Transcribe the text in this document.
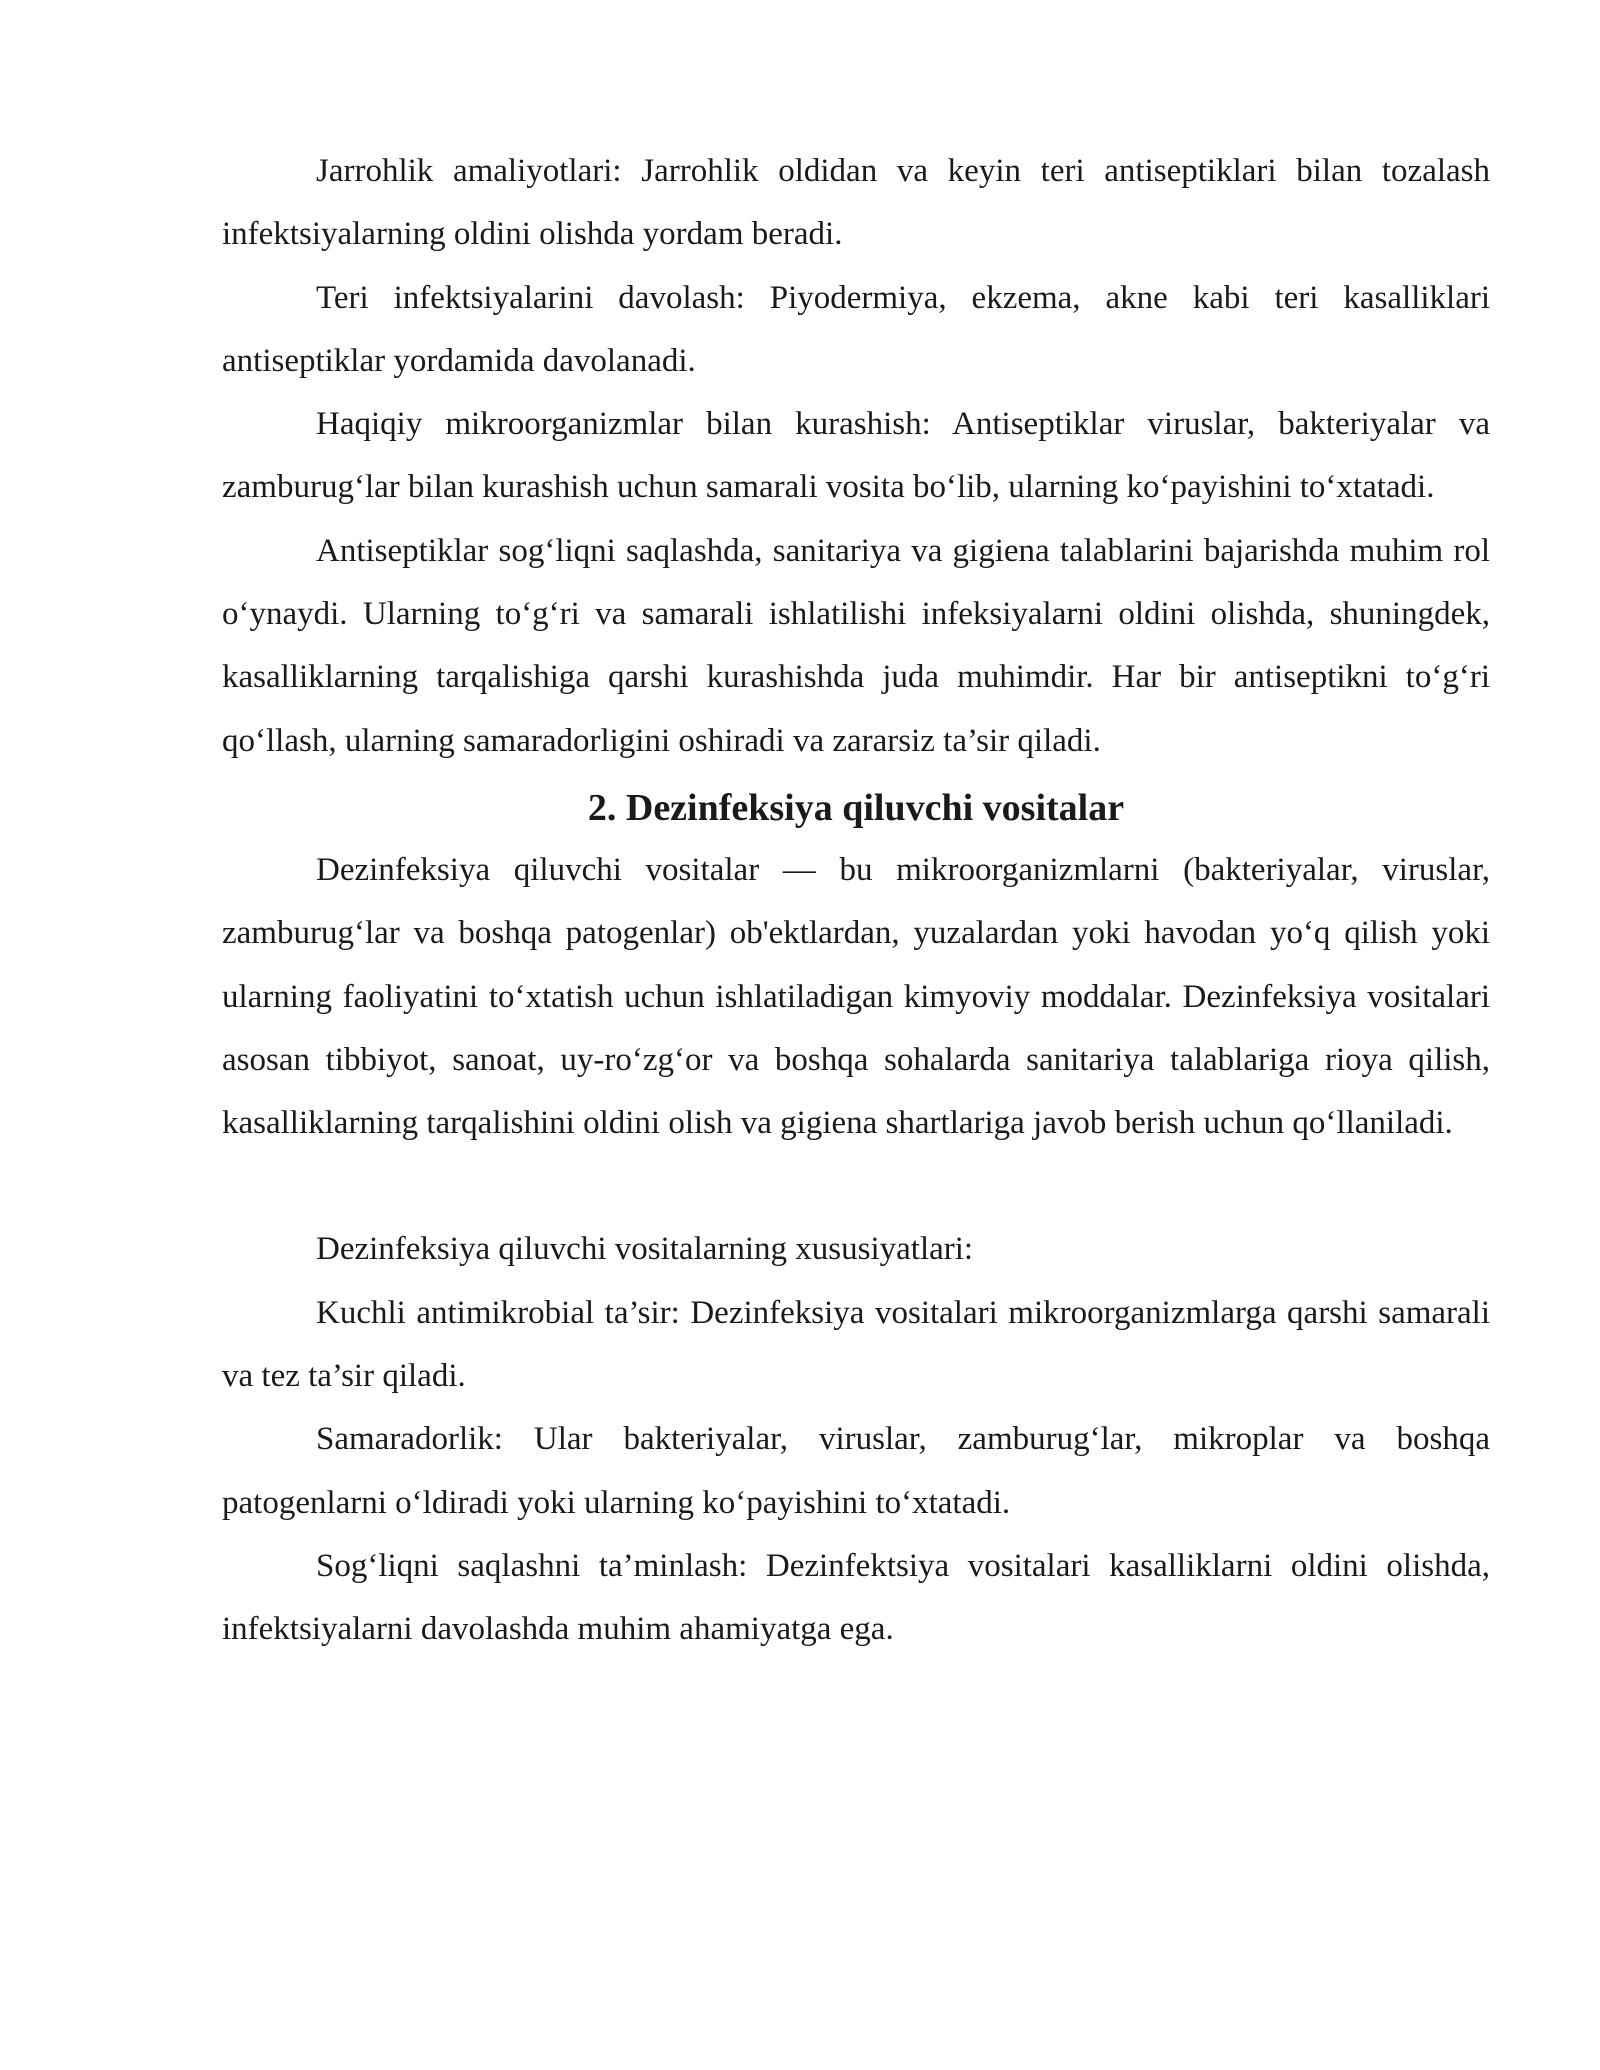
Jarrohlik amaliyotlari: Jarrohlik oldidan va keyin teri antiseptiklari bilan tozalash infektsiyalarning oldini olishda yordam beradi.

Teri infektsiyalarini davolash: Piyodermiya, ekzema, akne kabi teri kasalliklari antiseptiklar yordamida davolanadi.

Haqiqiy mikroorganizmlar bilan kurashish: Antiseptiklar viruslar, bakteriyalar va zamburug‘lar bilan kurashish uchun samarali vosita bo‘lib, ularning ko‘payishini to‘xtatadi.

Antiseptiklar sog‘liqni saqlashda, sanitariya va gigiena talablarini bajarishda muhim rol o‘ynaydi. Ularning to‘g‘ri va samarali ishlatilishi infeksiyalarni oldini olishda, shuningdek, kasalliklarning tarqalishiga qarshi kurashishda juda muhimdir. Har bir antiseptikni to‘g‘ri qo‘llash, ularning samaradorligini oshiradi va zararsiz ta’sir qiladi.

2. Dezinfeksiya qiluvchi vositalar

Dezinfeksiya qiluvchi vositalar — bu mikroorganizmlarni (bakteriyalar, viruslar, zamburug‘lar va boshqa patogenlar) ob'ektlardan, yuzalardan yoki havodan yo‘q qilish yoki ularning faoliyatini to‘xtatish uchun ishlatiladigan kimyoviy moddalar. Dezinfeksiya vositalari asosan tibbiyot, sanoat, uy-ro‘zg‘or va boshqa sohalarda sanitariya talablariga rioya qilish, kasalliklarning tarqalishini oldini olish va gigiena shartlariga javob berish uchun qo‘llaniladi.

Dezinfeksiya qiluvchi vositalarning xususiyatlari:

Kuchli antimikrobial ta’sir: Dezinfeksiya vositalari mikroorganizmlarga qarshi samarali va tez ta’sir qiladi.

Samaradorlik: Ular bakteriyalar, viruslar, zamburug‘lar, mikroplar va boshqa patogenlarni o‘ldiradi yoki ularning ko‘payishini to‘xtatadi.

Sog‘liqni saqlashni ta’minlash: Dezinfektsiya vositalari kasalliklarni oldini olishda, infektsiyalarni davolashda muhim ahamiyatga ega.
